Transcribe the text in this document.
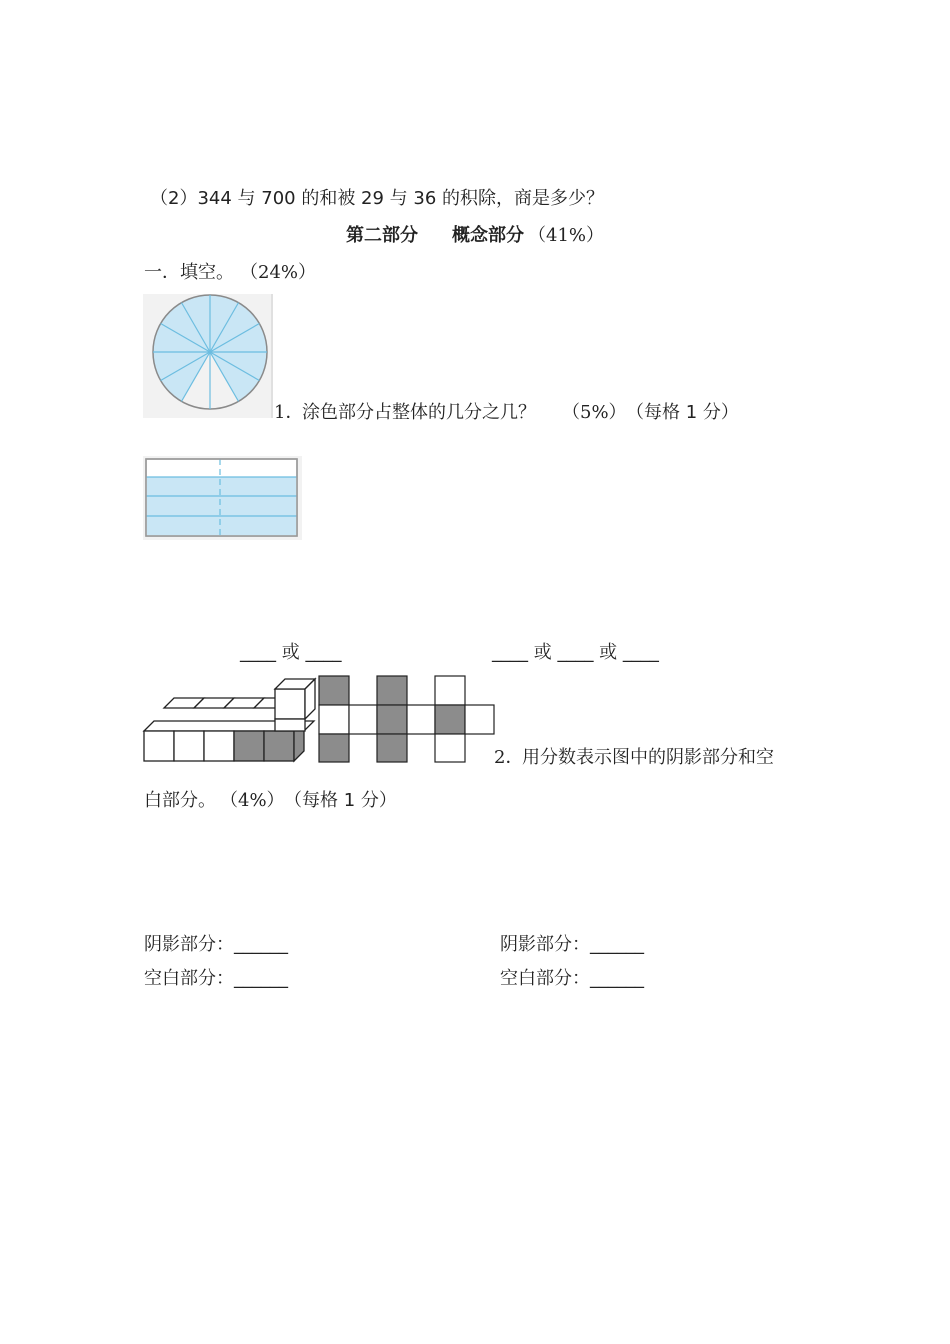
（2）344 与 700 的和被 29 与 36 的积除，商是多少？
第二部分 概念部分 （41%）
一．填空。 （24%）
1．
涂色部分占整体的几分之几？ （5%） （每格 1 分）
____ 或 ____	____ 或 ____ 或 ____
2．
用分数表示图中的阴影部分和空
白部分。 （4%） （每格 1 分）
阴影部分：______
空白部分：______
阴影部分：______
空白部分：______
